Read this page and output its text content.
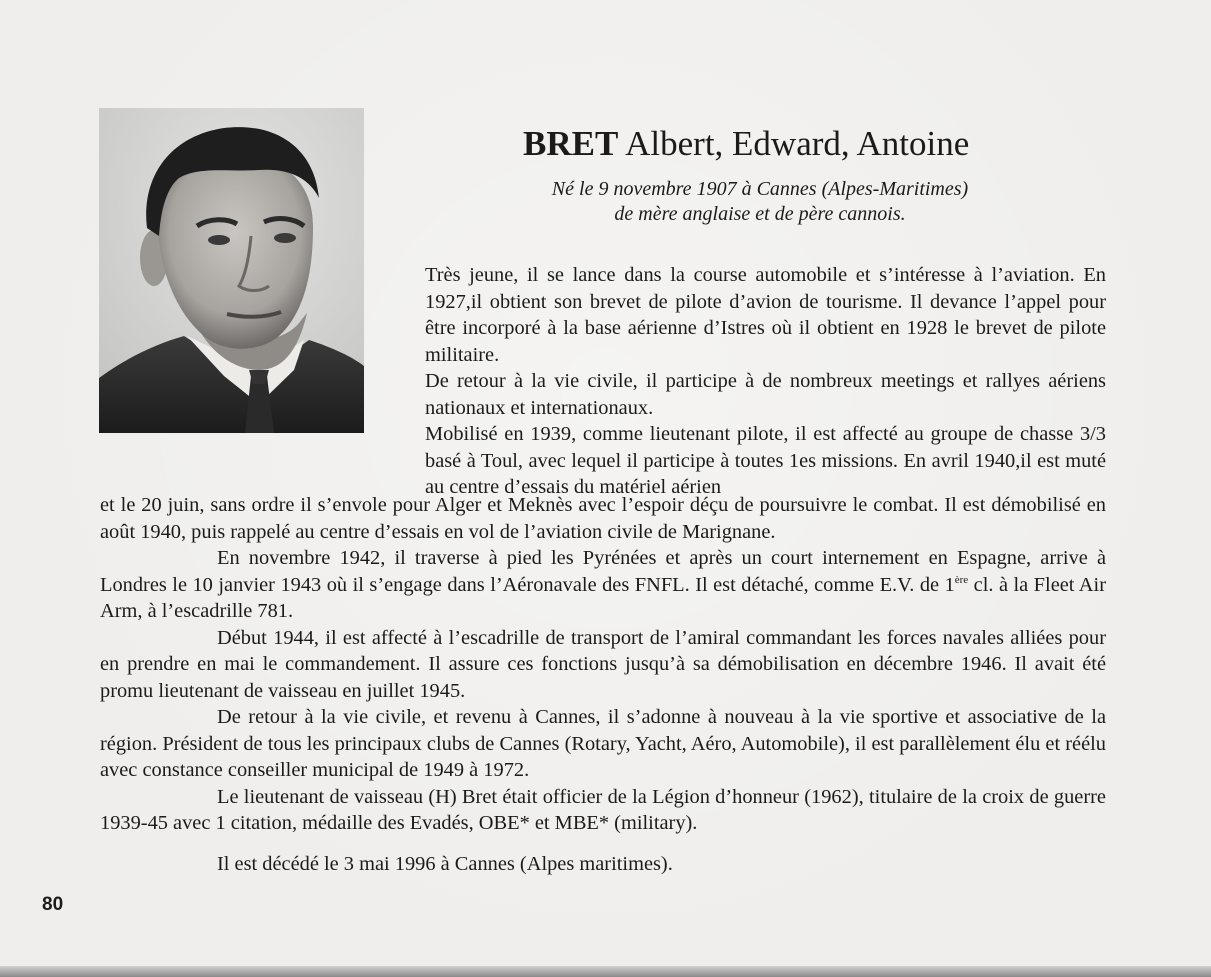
BRET Albert, Edward, Antoine
Né le 9 novembre 1907 à Cannes (Alpes-Maritimes)
de mère anglaise et de père cannois.

Très jeune, il se lance dans la course automobile et s’intéresse à l’aviation. En 1927,il obtient son brevet de pilote d’avion de tourisme. Il devance l’appel pour être incorporé à la base aérienne d’Istres où il obtient en 1928 le brevet de pilote militaire.

De retour à la vie civile, il participe à de nombreux meetings et rallyes aériens nationaux et internationaux.

Mobilisé en 1939, comme lieutenant pilote, il est affecté au groupe de chasse 3/3 basé à Toul, avec lequel il participe à toutes 1es missions. En avril 1940,il est muté au centre d’essais du matériel aérien

et le 20 juin, sans ordre il s’envole pour Alger et Meknès avec l’espoir déçu de poursuivre le combat. Il est démobilisé en août 1940, puis rappelé au centre d’essais en vol de l’aviation civile de Marignane.

En novembre 1942, il traverse à pied les Pyrénées et après un court internement en Espagne, arrive à Londres le 10 janvier 1943 où il s’engage dans l’Aéronavale des FNFL. Il est détaché, comme E.V. de 1ère cl. à la Fleet Air Arm, à l’escadrille 781.

Début 1944, il est affecté à l’escadrille de transport de l’amiral commandant les forces navales alliées pour en prendre en mai le commandement. Il assure ces fonctions jusqu’à sa démobilisation en décembre 1946. Il avait été promu lieutenant de vaisseau en juillet 1945.

De retour à la vie civile, et revenu à Cannes, il s’adonne à nouveau à la vie sportive et associative de la région. Président de tous les principaux clubs de Cannes (Rotary, Yacht, Aéro, Automobile), il est parallèlement élu et réélu avec constance conseiller municipal de 1949 à 1972.

Le lieutenant de vaisseau (H) Bret était officier de la Légion d’honneur (1962), titulaire de la croix de guerre 1939-45 avec 1 citation, médaille des Evadés, OBE* et MBE* (military).

Il est décédé le 3 mai 1996 à Cannes (Alpes maritimes).

80
